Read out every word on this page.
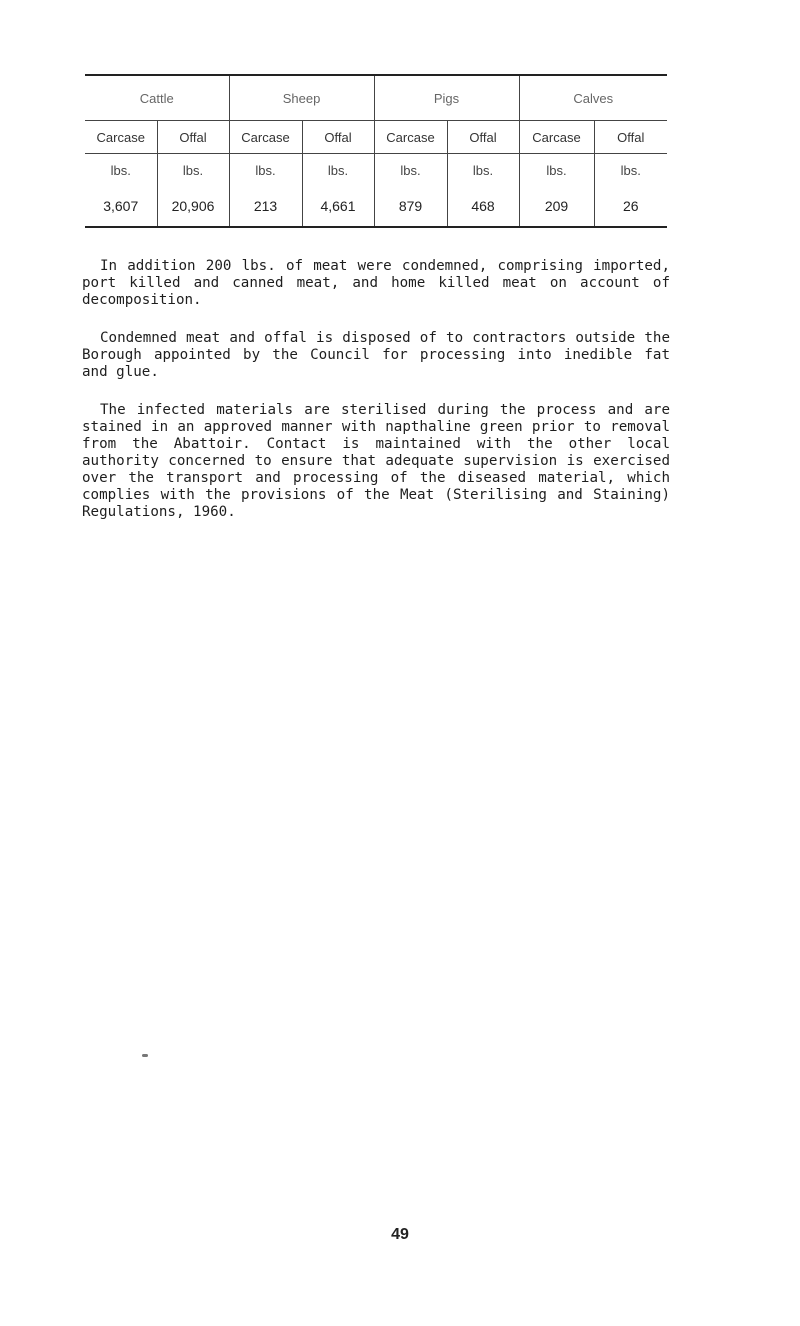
Cattle		Sheep		Pigs		Calves	
Carcase	Offal	Carcase	Offal	Carcase	Offal	Carcase	Offal
lbs.	lbs.	lbs.	lbs.	lbs.	lbs.	lbs.	lbs.
3,607	20,906	213	4,661	879	468	209	26

In addition 200 lbs. of meat were condemned, comprising imported, port killed and canned meat, and home killed meat on account of decomposition.

Condemned meat and offal is disposed of to contractors outside the Borough appointed by the Council for processing into inedible fat and glue.

The infected materials are sterilised during the process and are stained in an approved manner with napthaline green prior to removal from the Abattoir. Contact is maintained with the other local authority concerned to ensure that adequate supervision is exercised over the transport and processing of the diseased material, which complies with the provisions of the Meat (Sterilising and Staining) Regulations, 1960.

49
